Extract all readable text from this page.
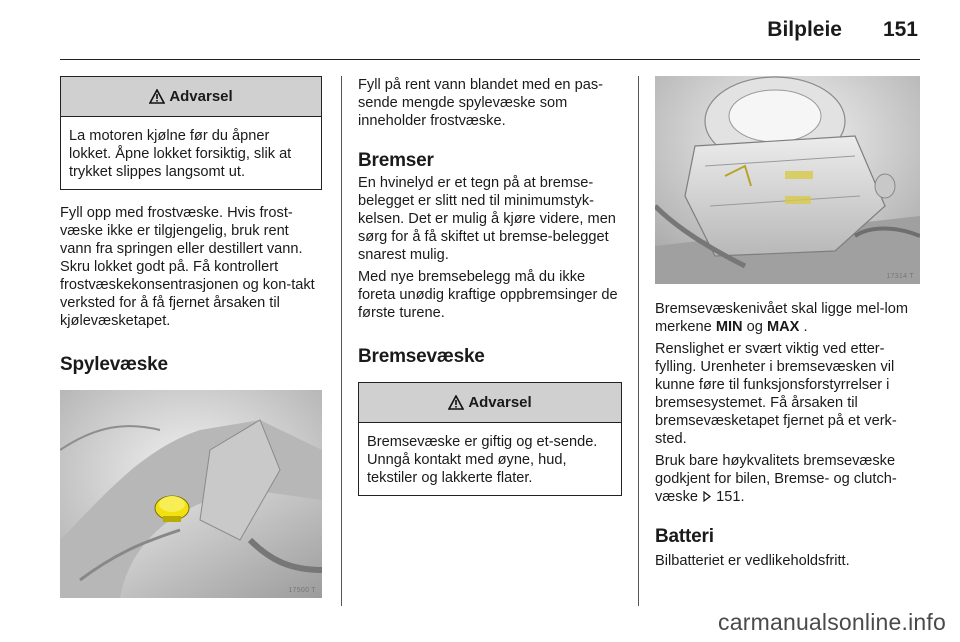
Bilpleie 151
Advarsel
La motoren kjølne før du åpner lokket. Åpne lokket forsiktig, slik at trykket slippes langsomt ut.

Fyll opp med frostvæske. Hvis frost-væske ikke er tilgjengelig, bruk rent vann fra springen eller destillert vann. Skru lokket godt på. Få kontrollert frostvæskekonsentrasjonen og kon-takt verksted for å få fjernet årsaken til kjølevæsketapet.

Spylevæske
17500 T

Fyll på rent vann blandet med en pas-sende mengde spylevæske som inneholder frostvæske.

Bremser

En hvinelyd er et tegn på at bremse-belegget er slitt ned til minimumstyk-kelsen. Det er mulig å kjøre videre, men sørg for å få skiftet ut bremse-belegget snarest mulig.

Med nye bremsebelegg må du ikke foreta unødig kraftige oppbremsinger de første turene.

Bremsevæske
Advarsel
Bremsevæske er giftig og et-sende. Unngå kontakt med øyne, hud, tekstiler og lakkerte flater.
17314 T

Bremsevæskenivået skal ligge mel-lom merkene MIN og MAX .

Renslighet er svært viktig ved etter-fylling. Urenheter i bremsevæsken vil kunne føre til funksjonsforstyrrelser i bremsesystemet. Få årsaken til bremsevæsketapet fjernet på et verk-sted.

Bruk bare høykvalitets bremsevæske godkjent for bilen, Bremse- og clutch-væske  151.

Batteri

Bilbatteriet er vedlikeholdsfritt.

carmanualsonline.info
